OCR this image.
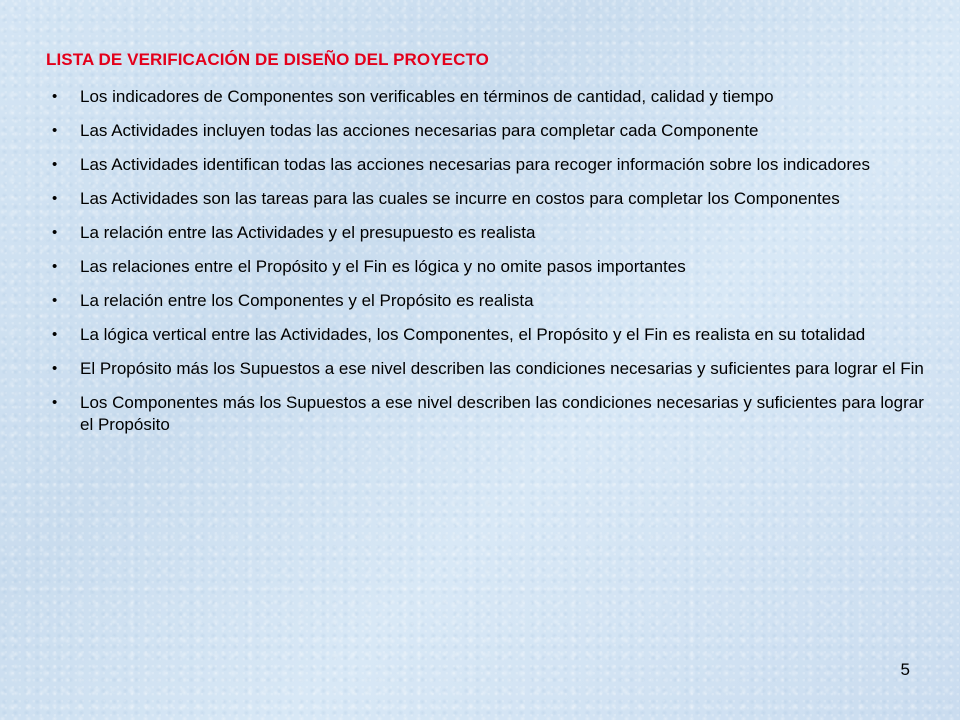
LISTA DE VERIFICACIÓN DE DISEÑO DEL PROYECTO
• Los indicadores de Componentes son verificables en términos de cantidad, calidad y tiempo
• Las Actividades incluyen todas las acciones necesarias para completar cada Componente
• Las Actividades identifican todas las acciones necesarias para recoger información sobre los indicadores
• Las Actividades son las tareas para las cuales se incurre en costos para completar los Componentes
• La relación entre las Actividades y el presupuesto es realista
• Las relaciones entre el Propósito y el Fin es lógica y no omite pasos importantes
• La relación entre los Componentes y el Propósito es realista
• La lógica vertical entre las Actividades, los Componentes, el Propósito y el Fin es realista en su totalidad
• El Propósito más los Supuestos a ese nivel describen las condiciones necesarias y suficientes para lograr el Fin
• Los Componentes más los Supuestos a ese nivel describen las condiciones necesarias y suficientes para lograr el Propósito
5
